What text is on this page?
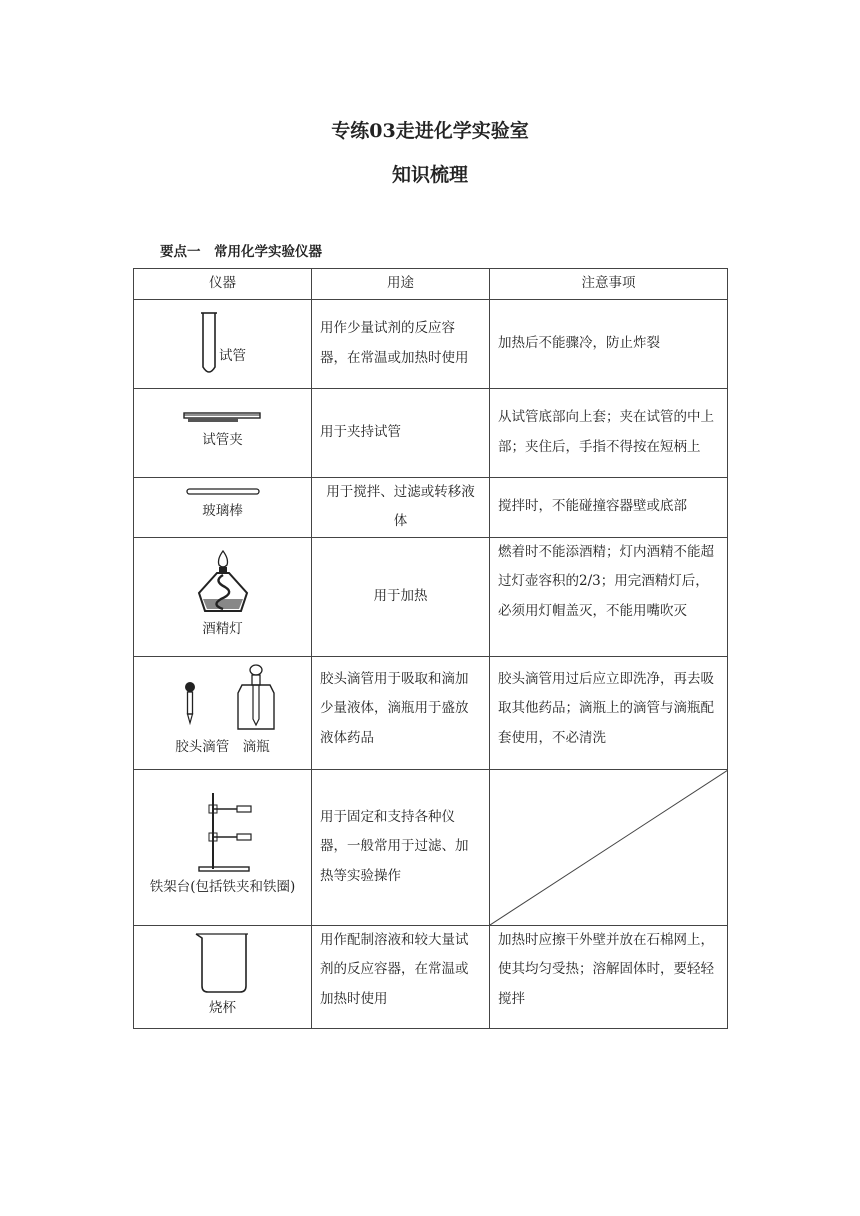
专练03走进化学实验室
知识梳理
要点一　常用化学实验仪器
仪器	用途	注意事项

试管	用作少量试剂的反应容器，在常温或加热时使用	加热后不能骤冷，防止炸裂

试管夹	用于夹持试管	从试管底部向上套；夹在试管的中上部；夹住后，手指不得按在短柄上

玻璃棒	用于搅拌、过滤或转移液体	搅拌时，不能碰撞容器壁或底部

酒精灯	用于加热	燃着时不能添酒精；灯内酒精不能超过灯壶容积的2/3；用完酒精灯后，必须用灯帽盖灭，不能用嘴吹灭

胶头滴管　滴瓶	胶头滴管用于吸取和滴加少量液体，滴瓶用于盛放液体药品	胶头滴管用过后应立即洗净，再去吸取其他药品；滴瓶上的滴管与滴瓶配套使用，不必清洗

铁架台(包括铁夹和铁圈)	用于固定和支持各种仪器，一般常用于过滤、加热等实验操作	

烧杯	用作配制溶液和较大量试剂的反应容器，在常温或加热时使用	加热时应擦干外壁并放在石棉网上，使其均匀受热；溶解固体时，要轻轻搅拌
